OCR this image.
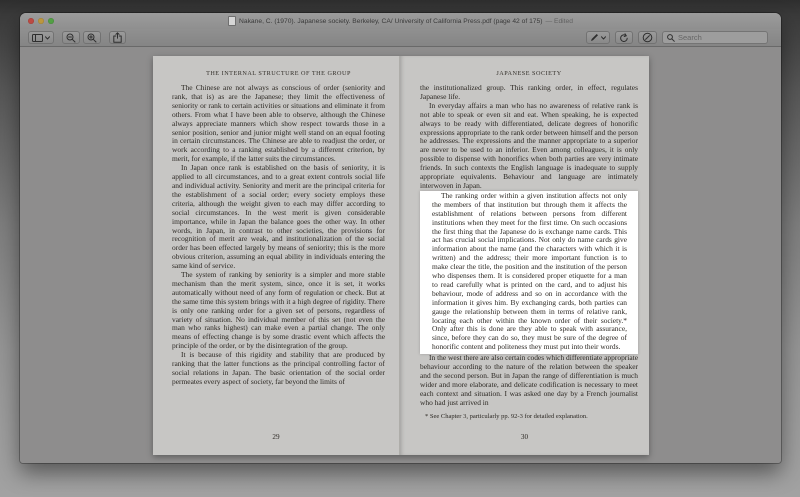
Nakane, C. (1970). Japanese society. Berkeley, CA/ University of California Press.pdf (page 42 of 175) — Edited
Search
THE INTERNAL STRUCTURE OF THE GROUP

The Chinese are not always as conscious of order (seniority and rank, that is) as are the Japanese; they limit the effectiveness of seniority or rank to certain activities or situations and eliminate it from others. From what I have been able to observe, although the Chinese always appreciate manners which show respect towards those in a senior position, senior and junior might well stand on an equal footing in certain circumstances. The Chinese are able to readjust the order, or work according to a ranking established by a different criterion, by merit, for example, if the latter suits the circumstances.

In Japan once rank is established on the basis of seniority, it is applied to all circumstances, and to a great extent controls social life and individual activity. Seniority and merit are the principal criteria for the establishment of a social order; every society employs these criteria, although the weight given to each may differ according to social circumstances. In the west merit is given considerable importance, while in Japan the balance goes the other way. In other words, in Japan, in contrast to other societies, the provisions for recognition of merit are weak, and institutionalization of the social order has been effected largely by means of seniority; this is the more obvious criterion, assuming an equal ability in individuals entering the same kind of service.

The system of ranking by seniority is a simpler and more stable mechanism than the merit system, since, once it is set, it works automatically without need of any form of regulation or check. But at the same time this system brings with it a high degree of rigidity. There is only one ranking order for a given set of persons, regardless of variety of situation. No individual member of this set (not even the man who ranks highest) can make even a partial change. The only means of effecting change is by some drastic event which affects the principle of the order, or by the disintegration of the group.

It is because of this rigidity and stability that are produced by ranking that the latter functions as the principal controlling factor of social relations in Japan. The basic orientation of the social order permeates every aspect of society, far beyond the limits of

29
JAPANESE SOCIETY

the institutionalized group. This ranking order, in effect, regulates Japanese life.

In everyday affairs a man who has no awareness of relative rank is not able to speak or even sit and eat. When speaking, he is expected always to be ready with differentiated, delicate degrees of honorific expressions appropriate to the rank order between himself and the person he addresses. The expressions and the manner appropriate to a superior are never to be used to an inferior. Even among colleagues, it is only possible to dispense with honorifics when both parties are very intimate friends. In such contexts the English language is inadequate to supply appropriate equivalents. Behaviour and language are intimately interwoven in Japan.

The ranking order within a given institution affects not only the members of that institution but through them it affects the establishment of relations between persons from different institutions when they meet for the first time. On such occasions the first thing that the Japanese do is exchange name cards. This act has crucial social implications. Not only do name cards give information about the name (and the characters with which it is written) and the address; their more important function is to make clear the title, the position and the institution of the person who dispenses them. It is considered proper etiquette for a man to read carefully what is printed on the card, and to adjust his behaviour, mode of address and so on in accordance with the information it gives him. By exchanging cards, both parties can gauge the relationship between them in terms of relative rank, locating each other within the known order of their society.* Only after this is done are they able to speak with assurance, since, before they can do so, they must be sure of the degree of honorific content and politeness they must put into their words.

In the west there are also certain codes which differentiate appropriate behaviour according to the nature of the relation between the speaker and the second person. But in Japan the range of differentiation is much wider and more elaborate, and delicate codification is necessary to meet each context and situation. I was asked one day by a French journalist who had just arrived in

* See Chapter 3, particularly pp. 92-3 for detailed explanation.
30
